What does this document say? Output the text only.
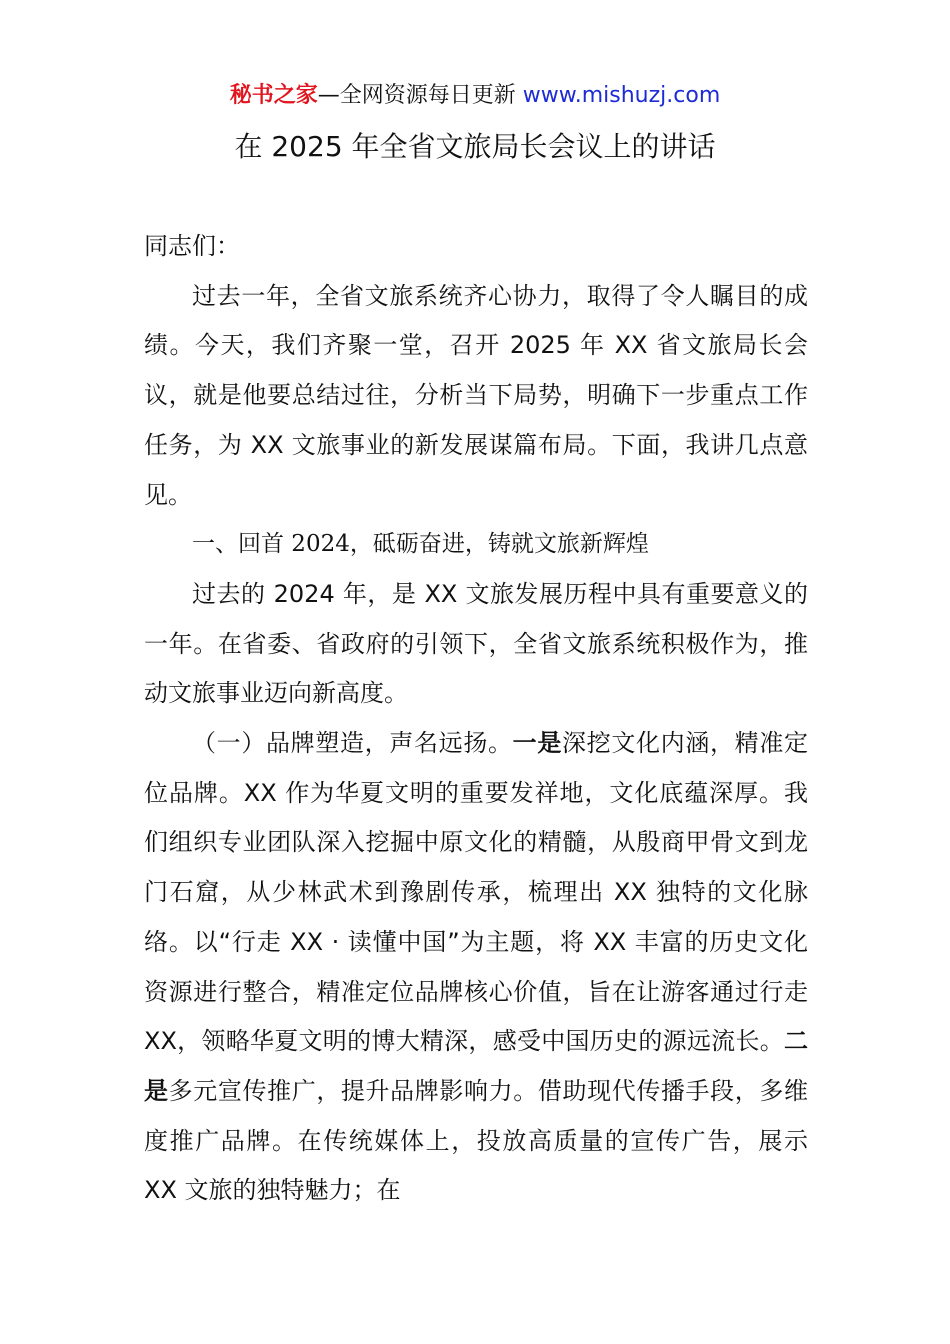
秘书之家—全网资源每日更新 www.mishuzj.com
在 2025 年全省文旅局长会议上的讲话

同志们：

过去一年，全省文旅系统齐心协力，取得了令人瞩目的成绩。今天，我们齐聚一堂，召开 2025 年 XX 省文旅局长会议，就是他要总结过往，分析当下局势，明确下一步重点工作任务，为 XX 文旅事业的新发展谋篇布局。下面，我讲几点意见。

一、回首 2024，砥砺奋进，铸就文旅新辉煌

过去的 2024 年，是 XX 文旅发展历程中具有重要意义的一年。在省委、省政府的引领下，全省文旅系统积极作为，推动文旅事业迈向新高度。

（一）品牌塑造，声名远扬。一是深挖文化内涵，精准定位品牌。XX 作为华夏文明的重要发祥地，文化底蕴深厚。我们组织专业团队深入挖掘中原文化的精髓，从殷商甲骨文到龙门石窟，从少林武术到豫剧传承，梳理出 XX 独特的文化脉络。以“行走 XX · 读懂中国”为主题，将 XX 丰富的历史文化资源进行整合，精准定位品牌核心价值，旨在让游客通过行走 XX，领略华夏文明的博大精深，感受中国历史的源远流长。二是多元宣传推广，提升品牌影响力。借助现代传播手段，多维度推广品牌。在传统媒体上，投放高质量的宣传广告，展示 XX 文旅的独特魅力；在
